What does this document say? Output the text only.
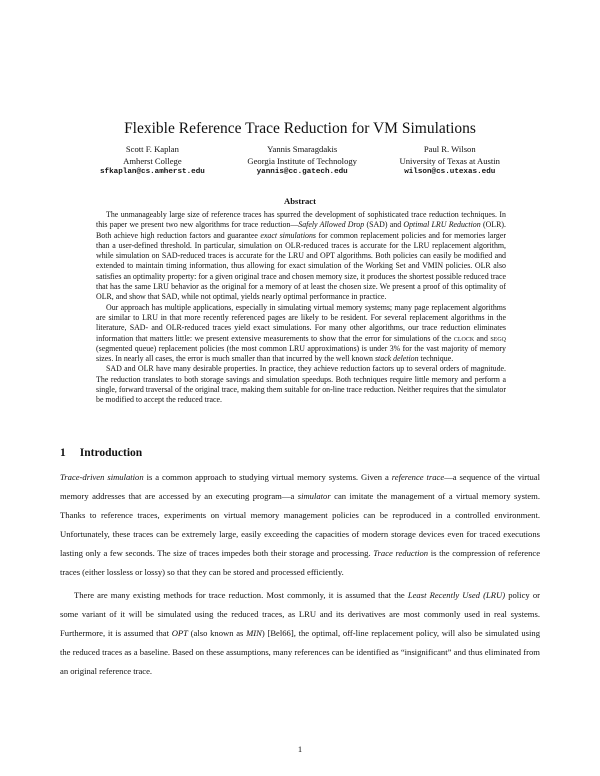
Flexible Reference Trace Reduction for VM Simulations
Scott F. Kaplan
Amherst College
sfkaplan@cs.amherst.edu
Yannis Smaragdakis
Georgia Institute of Technology
yannis@cc.gatech.edu
Paul R. Wilson
University of Texas at Austin
wilson@cs.utexas.edu
Abstract

The unmanageably large size of reference traces has spurred the development of sophisticated trace reduction techniques. In this paper we present two new algorithms for trace reduction—Safely Allowed Drop (SAD) and Optimal LRU Reduction (OLR). Both achieve high reduction factors and guarantee exact simulations for common replacement policies and for memories larger than a user-defined threshold. In particular, simulation on OLR-reduced traces is accurate for the LRU replacement algorithm, while simulation on SAD-reduced traces is accurate for the LRU and OPT algorithms. Both policies can easily be modified and extended to maintain timing information, thus allowing for exact simulation of the Working Set and VMIN policies. OLR also satisfies an optimality property: for a given original trace and chosen memory size, it produces the shortest possible reduced trace that has the same LRU behavior as the original for a memory of at least the chosen size. We present a proof of this optimality of OLR, and show that SAD, while not optimal, yields nearly optimal performance in practice.

Our approach has multiple applications, especially in simulating virtual memory systems; many page replacement algorithms are similar to LRU in that more recently referenced pages are likely to be resident. For several replacement algorithms in the literature, SAD- and OLR-reduced traces yield exact simulations. For many other algorithms, our trace reduction eliminates information that matters little: we present extensive measurements to show that the error for simulations of the clock and segq (segmented queue) replacement policies (the most common LRU approximations) is under 3% for the vast majority of memory sizes. In nearly all cases, the error is much smaller than that incurred by the well known stack deletion technique.

SAD and OLR have many desirable properties. In practice, they achieve reduction factors up to several orders of magnitude. The reduction translates to both storage savings and simulation speedups. Both techniques require little memory and perform a single, forward traversal of the original trace, making them suitable for on-line trace reduction. Neither requires that the simulator be modified to accept the reduced trace.

1 Introduction

Trace-driven simulation is a common approach to studying virtual memory systems. Given a reference trace—a sequence of the virtual memory addresses that are accessed by an executing program—a simulator can imitate the management of a virtual memory system. Thanks to reference traces, experiments on virtual memory management policies can be reproduced in a controlled environment. Unfortunately, these traces can be extremely large, easily exceeding the capacities of modern storage devices even for traced executions lasting only a few seconds. The size of traces impedes both their storage and processing. Trace reduction is the compression of reference traces (either lossless or lossy) so that they can be stored and processed efficiently.

There are many existing methods for trace reduction. Most commonly, it is assumed that the Least Recently Used (LRU) policy or some variant of it will be simulated using the reduced traces, as LRU and its derivatives are most commonly used in real systems. Furthermore, it is assumed that OPT (also known as MIN) [Bel66], the optimal, off-line replacement policy, will also be simulated using the reduced traces as a baseline. Based on these assumptions, many references can be identified as “insignificant” and thus eliminated from an original reference trace.

1
